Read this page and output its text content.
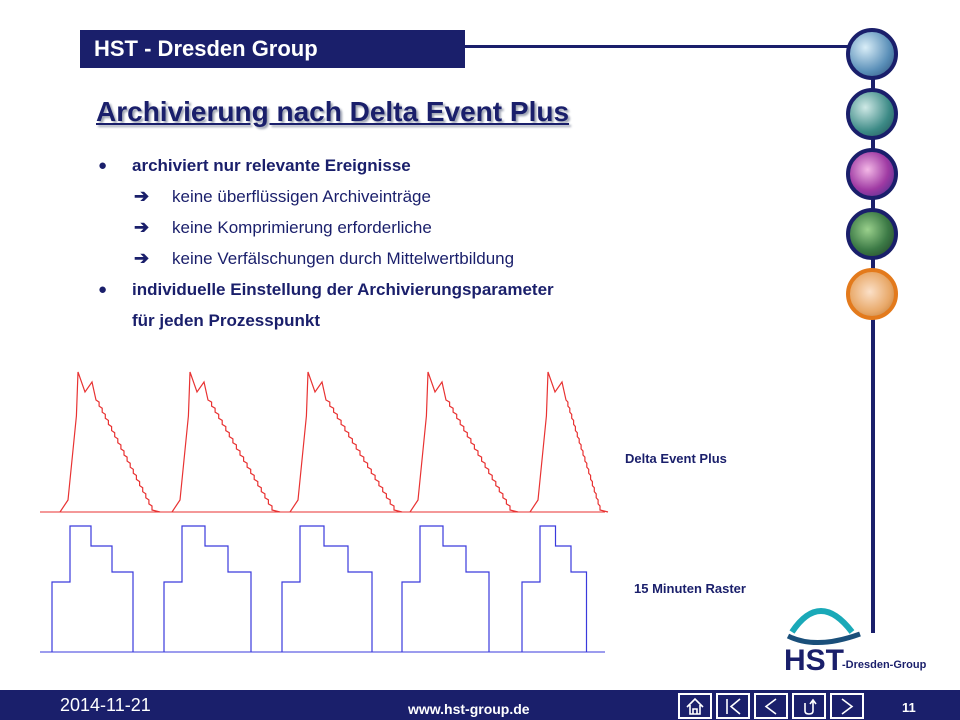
HST - Dresden Group
Archivierung nach Delta Event Plus
● archiviert nur relevante Ereignisse
➔ keine überflüssigen Archiveinträge
➔ keine Komprimierung erforderliche
➔ keine Verfälschungen durch Mittelwertbildung
● individuelle Einstellung der Archivierungsparameter
für jeden Prozesspunkt
Delta Event Plus
15 Minuten Raster
HST
-Dresden-Group
2014-11-21	www.hst-group.de	11
